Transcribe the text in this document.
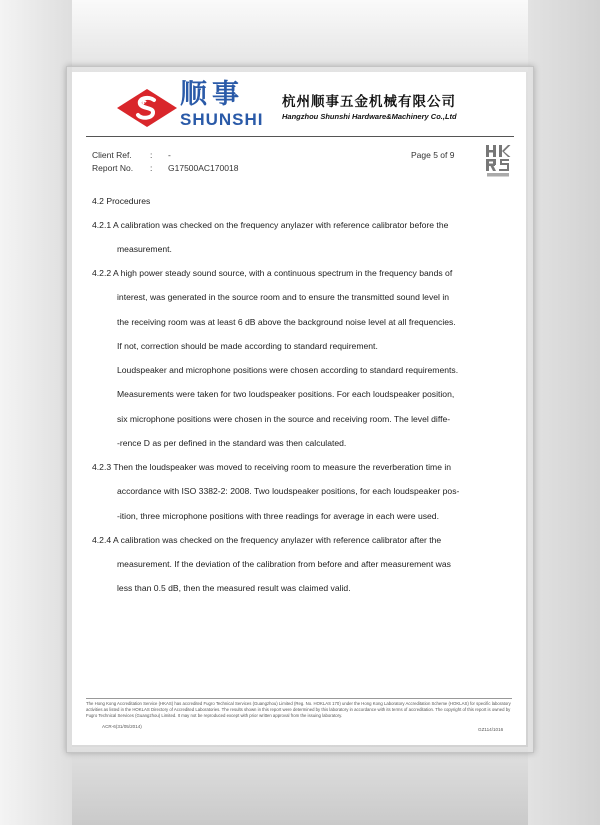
顺事
SHUNSHI
杭州顺事五金机械有限公司
Hangzhou Shunshi Hardware&Machinery Co.,Ltd
Client Ref. : -
Report No. : G17500AC170018
Page 5 of 9
4.2 Procedures
4.2.1 A calibration was checked on the frequency anylazer with reference calibrator before the
measurement.
4.2.2 A high power steady sound source, with a continuous spectrum in the frequency bands of
interest, was generated in the source room and to ensure the transmitted sound level in
the receiving room was at least 6 dB above the background noise level at all frequencies.
If not, correction should be made according to standard requirement.
Loudspeaker and microphone positions were chosen according to standard requirements.
Measurements were taken for two loudspeaker positions. For each loudspeaker position,
six microphone positions were chosen in the source and receiving room. The level diffe-
-rence D as per defined in the standard was then calculated.
4.2.3 Then the loudspeaker was moved to receiving room to measure the reverberation time in
accordance with ISO 3382-2: 2008. Two loudspeaker positions, for each loudspeaker pos-
-ition, three microphone positions with three readings for average in each were used.
4.2.4 A calibration was checked on the frequency anylazer with reference calibrator after the
measurement. If the deviation of the calibration from before and after measurement was
less than 0.5 dB, then the measured result was claimed valid.
The Hong Kong Accreditation Service (HKAS) has accredited Fugro Technical Services (Guangzhou) Limited (Reg. No. HOKLAS 170) under the Hong Kong Laboratory Accreditation Scheme (HOKLAS) for specific laboratory activities as listed in the HOKLAS Directory of Accredited Laboratories. The results shown in this report were determined by this laboratory in accordance with its terms of accreditation. The copyright of this report is owned by Fugro Technical Services (Guangzhou) Limited. It may not be reproduced except with prior written approval from the issuing laboratory.
ACR-6(31/05/2014)
GZ114/1016
